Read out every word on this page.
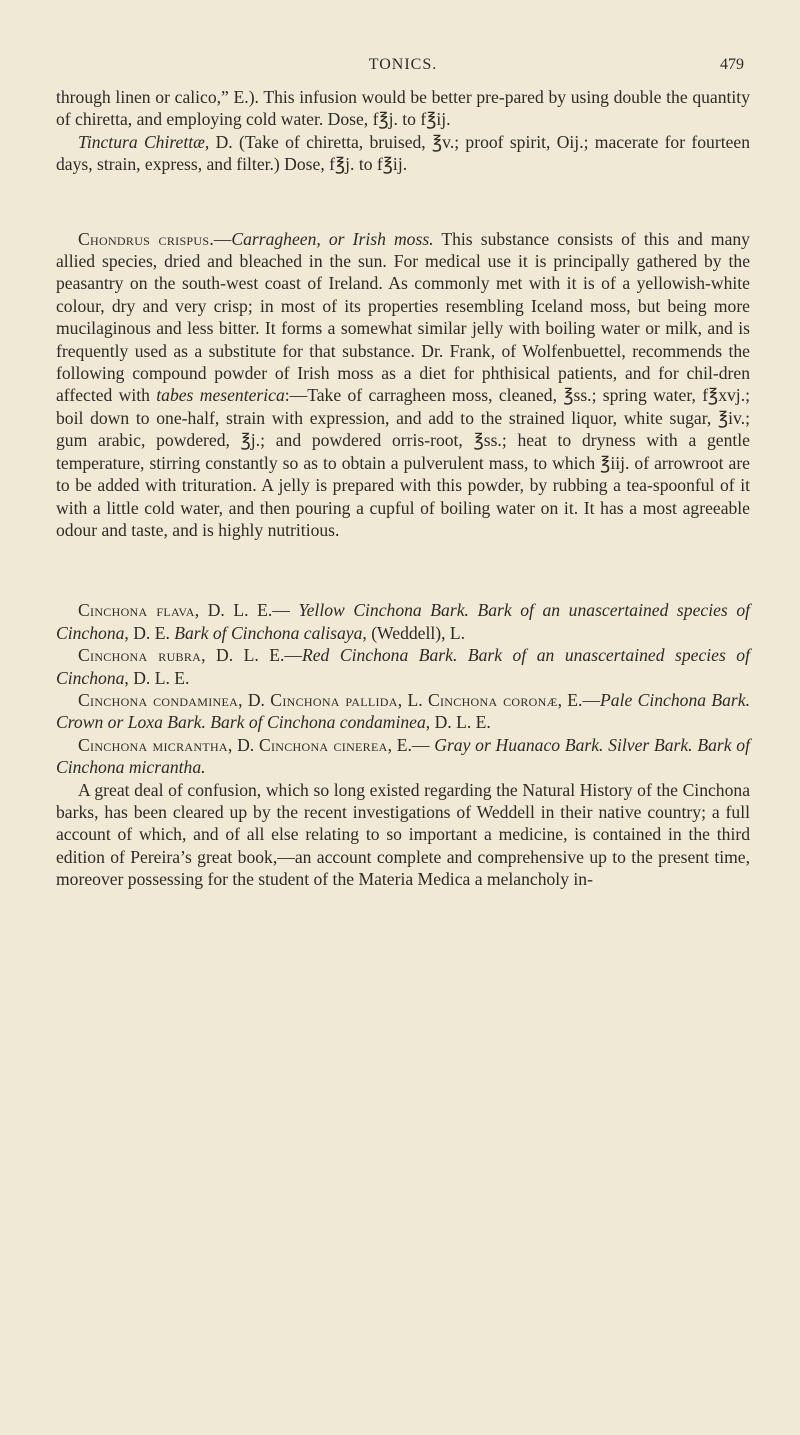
TONICS.	479

through linen or calico,” E.). This infusion would be better pre-pared by using double the quantity of chiretta, and employing cold water. Dose, f℥j. to f℥ij.

Tinctura Chirettæ, D. (Take of chiretta, bruised, ℥v.; proof spirit, Oij.; macerate for fourteen days, strain, express, and filter.) Dose, f℥j. to f℥ij.

Chondrus crispus.—Carragheen, or Irish moss. This substance consists of this and many allied species, dried and bleached in the sun. For medical use it is principally gathered by the peasantry on the south-west coast of Ireland. As commonly met with it is of a yellowish-white colour, dry and very crisp; in most of its properties resembling Iceland moss, but being more mucilaginous and less bitter. It forms a somewhat similar jelly with boiling water or milk, and is frequently used as a substitute for that substance. Dr. Frank, of Wolfenbuettel, recommends the following compound powder of Irish moss as a diet for phthisical patients, and for chil-dren affected with tabes mesenterica:—Take of carragheen moss, cleaned, ℥ss.; spring water, f℥xvj.; boil down to one-half, strain with expression, and add to the strained liquor, white sugar, ℥iv.; gum arabic, powdered, ℥j.; and powdered orris-root, ℥ss.; heat to dryness with a gentle temperature, stirring constantly so as to obtain a pulverulent mass, to which ℥iij. of arrowroot are to be added with trituration. A jelly is prepared with this powder, by rubbing a tea-spoonful of it with a little cold water, and then pouring a cupful of boiling water on it. It has a most agreeable odour and taste, and is highly nutritious.

Cinchona flava, D. L. E.— Yellow Cinchona Bark. Bark of an unascertained species of Cinchona, D. E. Bark of Cinchona calisaya, (Weddell), L.

Cinchona rubra, D. L. E.—Red Cinchona Bark. Bark of an unascertained species of Cinchona, D. L. E.

Cinchona condaminea, D. Cinchona pallida, L. Cinchona coronæ, E.—Pale Cinchona Bark. Crown or Loxa Bark. Bark of Cinchona condaminea, D. L. E.

Cinchona micrantha, D. Cinchona cinerea, E.— Gray or Huanaco Bark. Silver Bark. Bark of Cinchona micrantha.

A great deal of confusion, which so long existed regarding the Natural History of the Cinchona barks, has been cleared up by the recent investigations of Weddell in their native country; a full account of which, and of all else relating to so important a medicine, is contained in the third edition of Pereira’s great book,—an account complete and comprehensive up to the present time, moreover possessing for the student of the Materia Medica a melancholy in-
